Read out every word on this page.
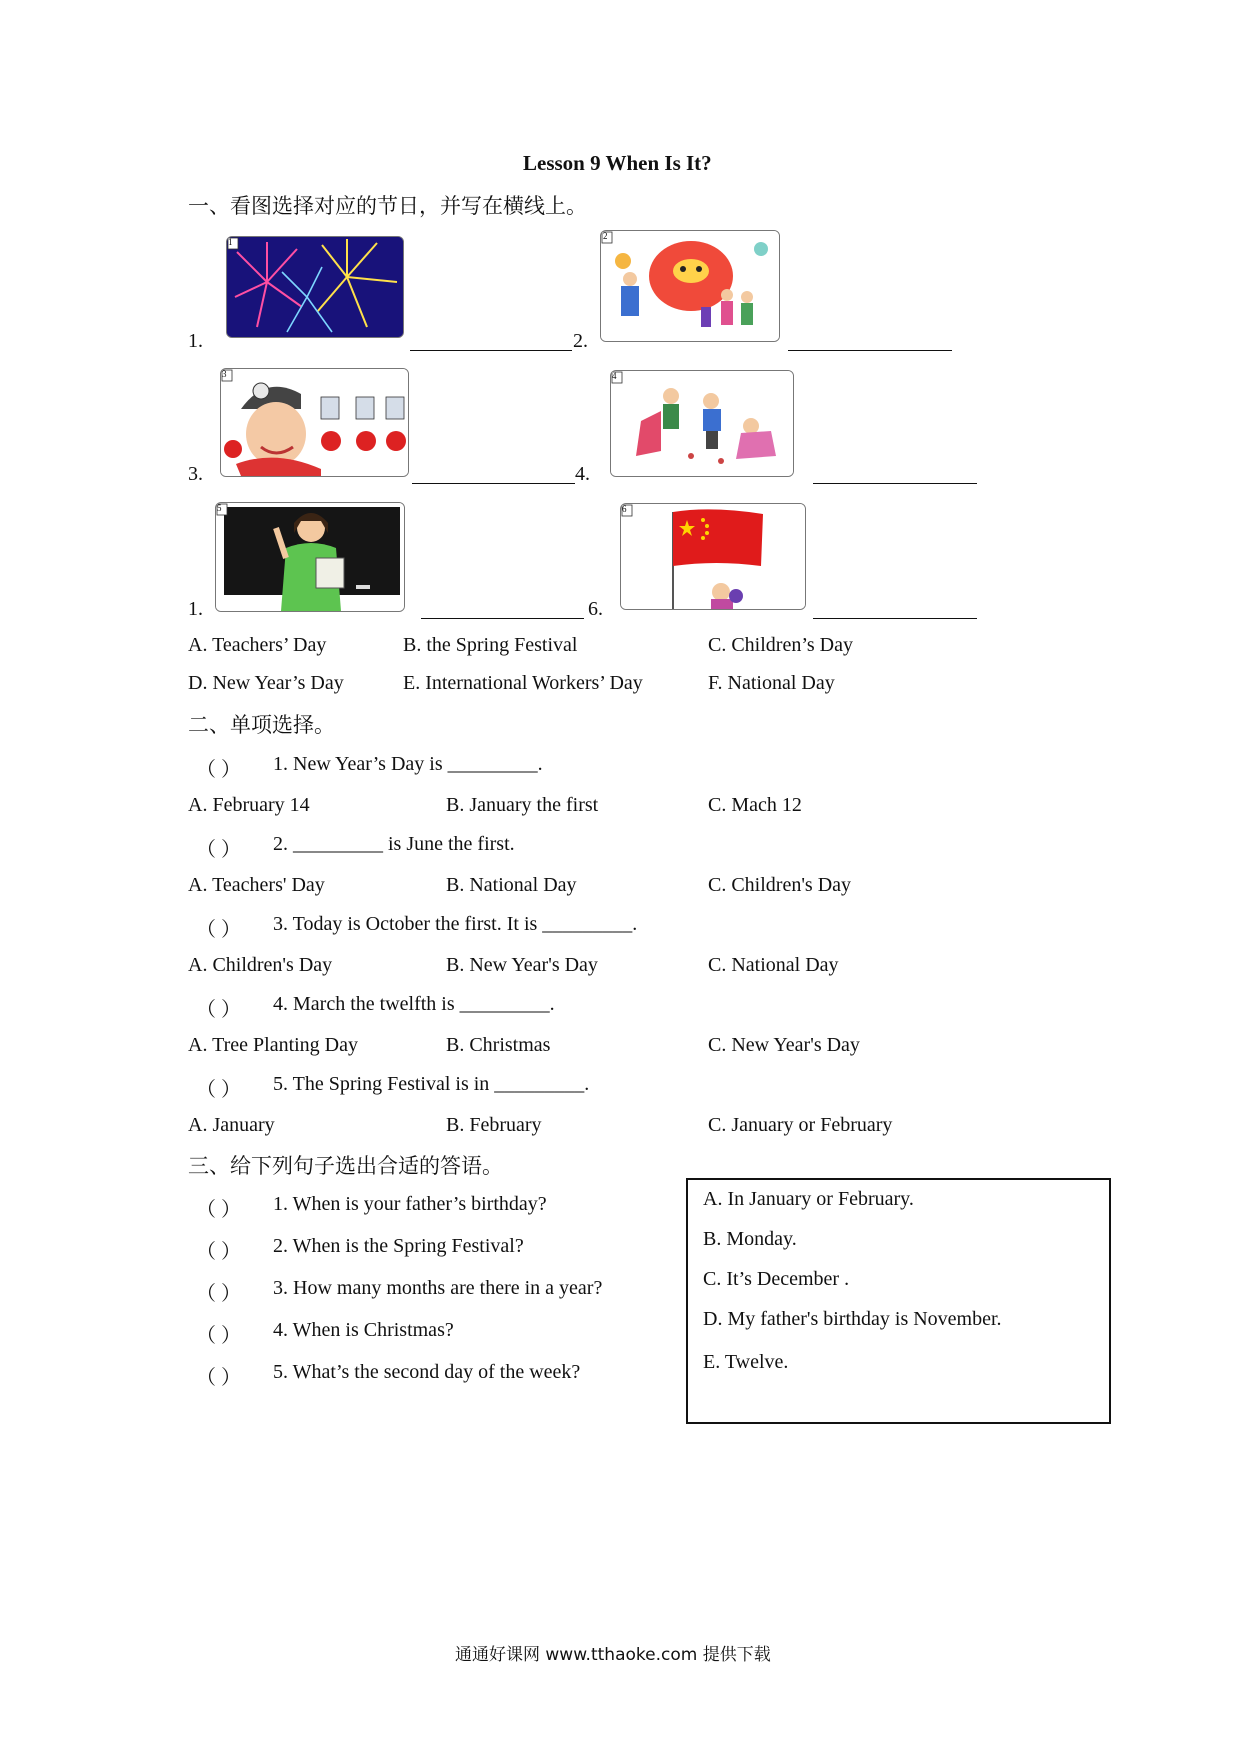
Lesson 9 When Is It?
一、看图选择对应的节日，并写在横线上。
1
2
1.	2.
3	4
3.	4.
5	6
1.	6.
A. Teachers’ Day	B. the Spring Festival	C. Children’s Day
D. New Year’s Day	E. International Workers’ Day	F. National Day
二、单项选择。
（ ） 1. New Year’s Day is _________.
A. February 14	B. January the first	C. Mach 12
（ ） 2. _________ is June the first.
A. Teachers' Day	B. National Day	C. Children's Day
（ ） 3. Today is October the first. It is _________.
A. Children's Day	B. New Year's Day	C. National Day
（ ） 4. March the twelfth is _________.
A. Tree Planting Day	B. Christmas	C. New Year's Day
（ ） 5. The Spring Festival is in _________.
A. January	B. February	C. January or February
三、给下列句子选出合适的答语。
（ ） 1. When is your father’s birthday?
（ ） 2. When is the Spring Festival?
（ ） 3. How many months are there in a year?
（ ） 4. When is Christmas?
（ ） 5. What’s the second day of the week?
A. In January or February.
B. Monday.
C. It’s December .
D. My father's birthday is November.
E. Twelve.
通通好课网 www.tthaoke.com 提供下载
